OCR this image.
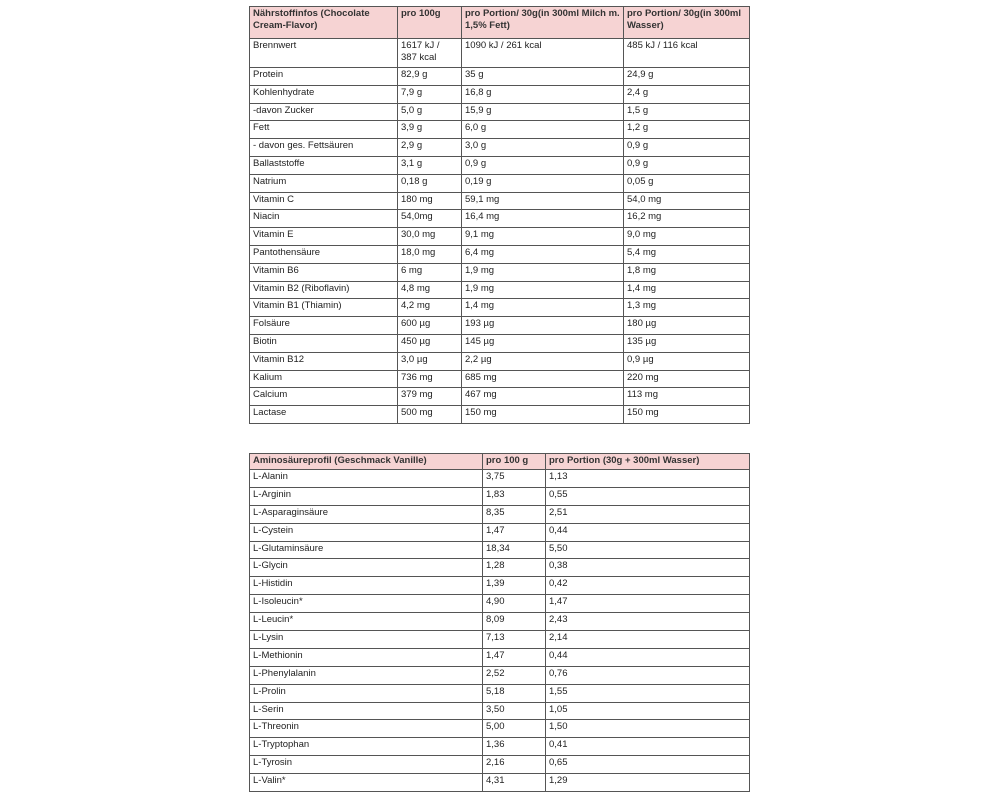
Nährstoffinfos (Chocolate Cream-Flavor)	pro 100g	pro Portion/ 30g(in 300ml Milch m. 1,5% Fett)	pro Portion/ 30g(in 300ml Wasser)
Brennwert	1617 kJ / 387 kcal	1090 kJ / 261 kcal	485 kJ / 116 kcal
Protein	82,9 g	35 g	24,9 g
Kohlenhydrate	7,9 g	16,8 g	2,4 g
-davon Zucker	5,0 g	15,9 g	1,5 g
Fett	3,9 g	6,0 g	1,2 g
- davon ges. Fettsäuren	2,9 g	3,0 g	0,9 g
Ballaststoffe	3,1 g	0,9 g	0,9 g
Natrium	0,18 g	0,19 g	0,05 g
Vitamin C	180 mg	59,1 mg	54,0 mg
Niacin	54,0mg	16,4 mg	16,2 mg
Vitamin E	30,0 mg	9,1 mg	9,0 mg
Pantothensäure	18,0 mg	6,4 mg	5,4 mg
Vitamin B6	6 mg	1,9 mg	1,8 mg
Vitamin B2 (Riboflavin)	4,8 mg	1,9 mg	1,4 mg
Vitamin B1 (Thiamin)	4,2 mg	1,4 mg	1,3 mg
Folsäure	600 µg	193 µg	180 µg
Biotin	450 µg	145 µg	135 µg
Vitamin B12	3,0 µg	2,2 µg	0,9 µg
Kalium	736 mg	685 mg	220 mg
Calcium	379 mg	467 mg	113 mg
Lactase	500 mg	150 mg	150 mg
Aminosäureprofil (Geschmack Vanille)	pro 100 g	pro Portion (30g + 300ml Wasser)
L-Alanin	3,75	1,13
L-Arginin	1,83	0,55
L-Asparaginsäure	8,35	2,51
L-Cystein	1,47	0,44
L-Glutaminsäure	18,34	5,50
L-Glycin	1,28	0,38
L-Histidin	1,39	0,42
L-Isoleucin*	4,90	1,47
L-Leucin*	8,09	2,43
L-Lysin	7,13	2,14
L-Methionin	1,47	0,44
L-Phenylalanin	2,52	0,76
L-Prolin	5,18	1,55
L-Serin	3,50	1,05
L-Threonin	5,00	1,50
L-Tryptophan	1,36	0,41
L-Tyrosin	2,16	0,65
L-Valin*	4,31	1,29
